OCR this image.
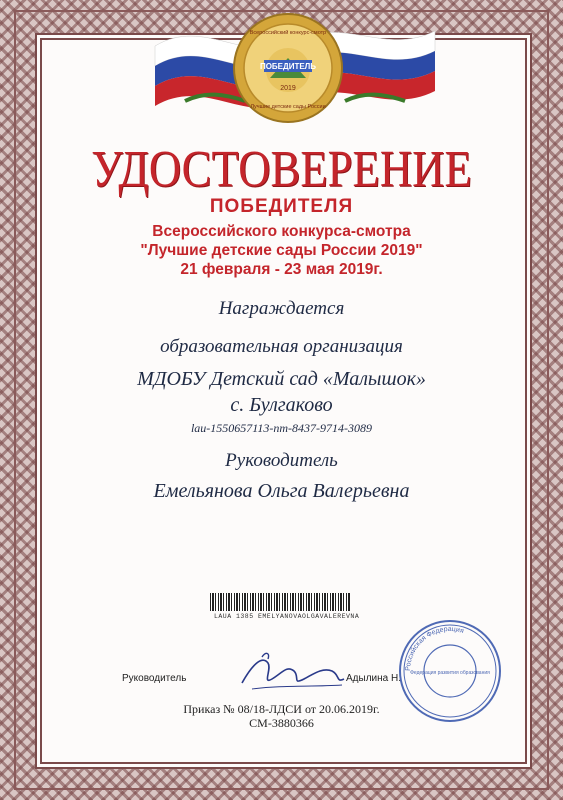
ПОБЕДИТЕЛЬ
2019
Всероссийский конкурс-смотр
Лучшие детские сады России
УДОСТОВЕРЕНИЕ
ПОБЕДИТЕЛЯ
Всероссийского конкурса-смотра
"Лучшие детские сады России 2019"
21 февраля - 23 мая 2019г.
Награждается
образовательная организация
МДОБУ Детский сад «Малышок»
с. Булгаково
lau-1550657113-nm-8437-9714-3089
Руководитель
Емельянова Ольга Валерьевна
LAUA 1385 EMELYANOVAOLGAVALEREVNA
Руководитель	Адылина Н.
Приказ № 08/18-ЛДСИ от 20.06.2019г.
СМ-3880366
Российская Федерация
Федерация развития образования
